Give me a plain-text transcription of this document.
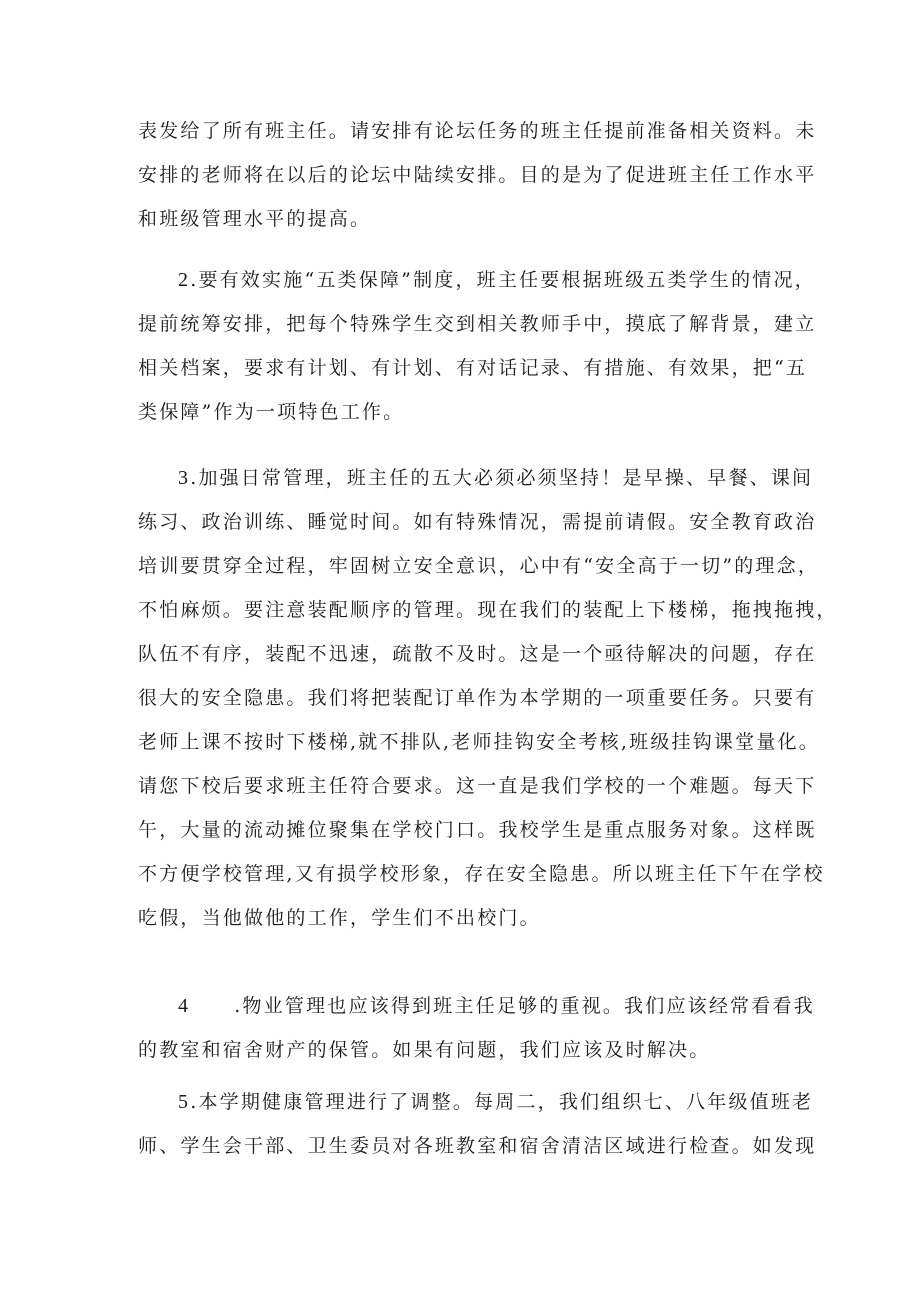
表发给了所有班主任。请安排有论坛任务的班主任提前准备相关资料。未
安排的老师将在以后的论坛中陆续安排。目的是为了促进班主任工作水平
和班级管理水平的提高。
2.要有效实施“五类保障”制度，班主任要根据班级五类学生的情况，
提前统筹安排，把每个特殊学生交到相关教师手中，摸底了解背景，建立
相关档案，要求有计划、有计划、有对话记录、有措施、有效果，把“五
类保障”作为一项特色工作。
3.加强日常管理，班主任的五大必须必须坚持！是早操、早餐、课间
练习、政治训练、睡觉时间。如有特殊情况，需提前请假。安全教育政治
培训要贯穿全过程，牢固树立安全意识，心中有“安全高于一切”的理念，
不怕麻烦。要注意装配顺序的管理。现在我们的装配上下楼梯，拖拽拖拽，
队伍不有序，装配不迅速，疏散不及时。这是一个亟待解决的问题，存在
很大的安全隐患。我们将把装配订单作为本学期的一项重要任务。只要有
老师上课不按时下楼梯,就不排队,老师挂钩安全考核,班级挂钩课堂量化。
请您下校后要求班主任符合要求。这一直是我们学校的一个难题。每天下
午，大量的流动摊位聚集在学校门口。我校学生是重点服务对象。这样既
不方便学校管理,又有损学校形象，存在安全隐患。所以班主任下午在学校
吃假，当他做他的工作，学生们不出校门。
4 .物业管理也应该得到班主任足够的重视。我们应该经常看看我
的教室和宿舍财产的保管。如果有问题，我们应该及时解决。
5.本学期健康管理进行了调整。每周二，我们组织七、八年级值班老
师、学生会干部、卫生委员对各班教室和宿舍清洁区域进行检查。如发现
